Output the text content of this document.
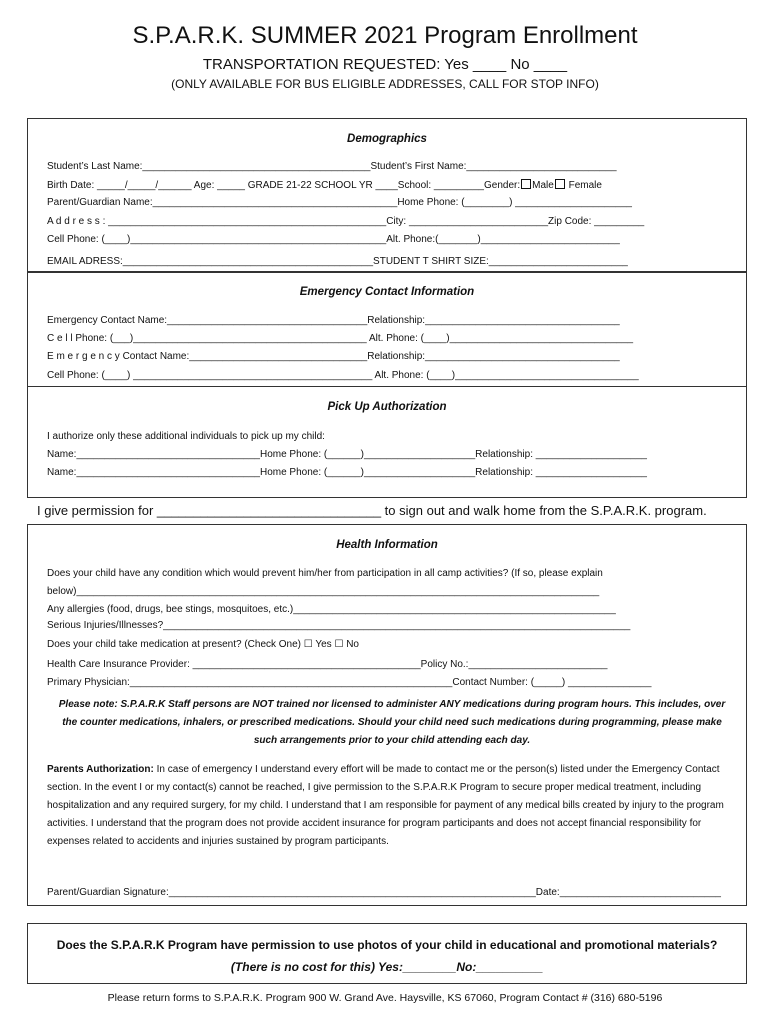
S.P.A.R.K. SUMMER 2021 Program Enrollment
TRANSPORTATION REQUESTED: Yes ____ No ____
(ONLY AVAILABLE FOR BUS ELIGIBLE ADDRESSES, CALL FOR STOP INFO)
Demographics
Student’s Last Name:_________________________________________Student’s First Name:___________________________
Birth Date: _____/_____/______ Age: _____ GRADE 21-22 SCHOOL YR ____School: _________Gender: Male Female
Parent/Guardian Name:____________________________________________Home Phone: (________) _____________________
A d d r e s s : __________________________________________________City: _________________________Zip Code: _________
Cell Phone: (____)______________________________________________Alt. Phone:(_______)_________________________
EMAIL ADRESS:_____________________________________________STUDENT T SHIRT SIZE:_________________________
Emergency Contact Information
Emergency Contact Name:____________________________________Relationship:___________________________________
C e l l Phone: (___)__________________________________________ Alt. Phone: (____)_________________________________
E m e r g e n c y Contact Name:________________________________Relationship:___________________________________
Cell Phone: (____) ___________________________________________ Alt. Phone: (____)_________________________________
Pick Up Authorization
I authorize only these additional individuals to pick up my child:
Name:_________________________________Home Phone: (______)____________________Relationship: ____________________
Name:_________________________________Home Phone: (______)____________________Relationship: ____________________
I give permission for _______________________________ to sign out and walk home from the S.P.A.R.K. program.
Health Information
Does your child have any condition which would prevent him/her from participation in all camp activities? (If so, please explain
below)______________________________________________________________________________________________
Any allergies (food, drugs, bee stings, mosquitoes, etc.)__________________________________________________________
Serious Injuries/Illnesses?____________________________________________________________________________________
Does your child take medication at present? (Check One) ☐ Yes ☐ No
Health Care Insurance Provider: _________________________________________Policy No.:_________________________
Primary Physician:__________________________________________________________Contact Number: (_____) _______________
Please note: S.P.A.R.K Staff persons are NOT trained nor licensed to administer ANY medications during program hours. This includes, over the counter medications, inhalers, or prescribed medications. Should your child need such medications during programming, please make such arrangements prior to your child attending each day.
Parents Authorization: In case of emergency I understand every effort will be made to contact me or the person(s) listed under the Emergency Contact section. In the event I or my contact(s) cannot be reached, I give permission to the S.P.A.R.K Program to secure proper medical treatment, including hospitalization and any required surgery, for my child. I understand that I am responsible for payment of any medical bills created by injury to the program activities. I understand that the program does not provide accident insurance for program participants and does not accept financial responsibility for expenses related to accidents and injuries sustained by program participants.
Parent/Guardian Signature:__________________________________________________________________Date:_____________________________
Does the S.P.A.R.K Program have permission to use photos of your child in educational and promotional materials?
(There is no cost for this) Yes:________No:__________
Please return forms to S.P.A.R.K. Program 900 W. Grand Ave. Haysville, KS 67060, Program Contact # (316) 680-5196
